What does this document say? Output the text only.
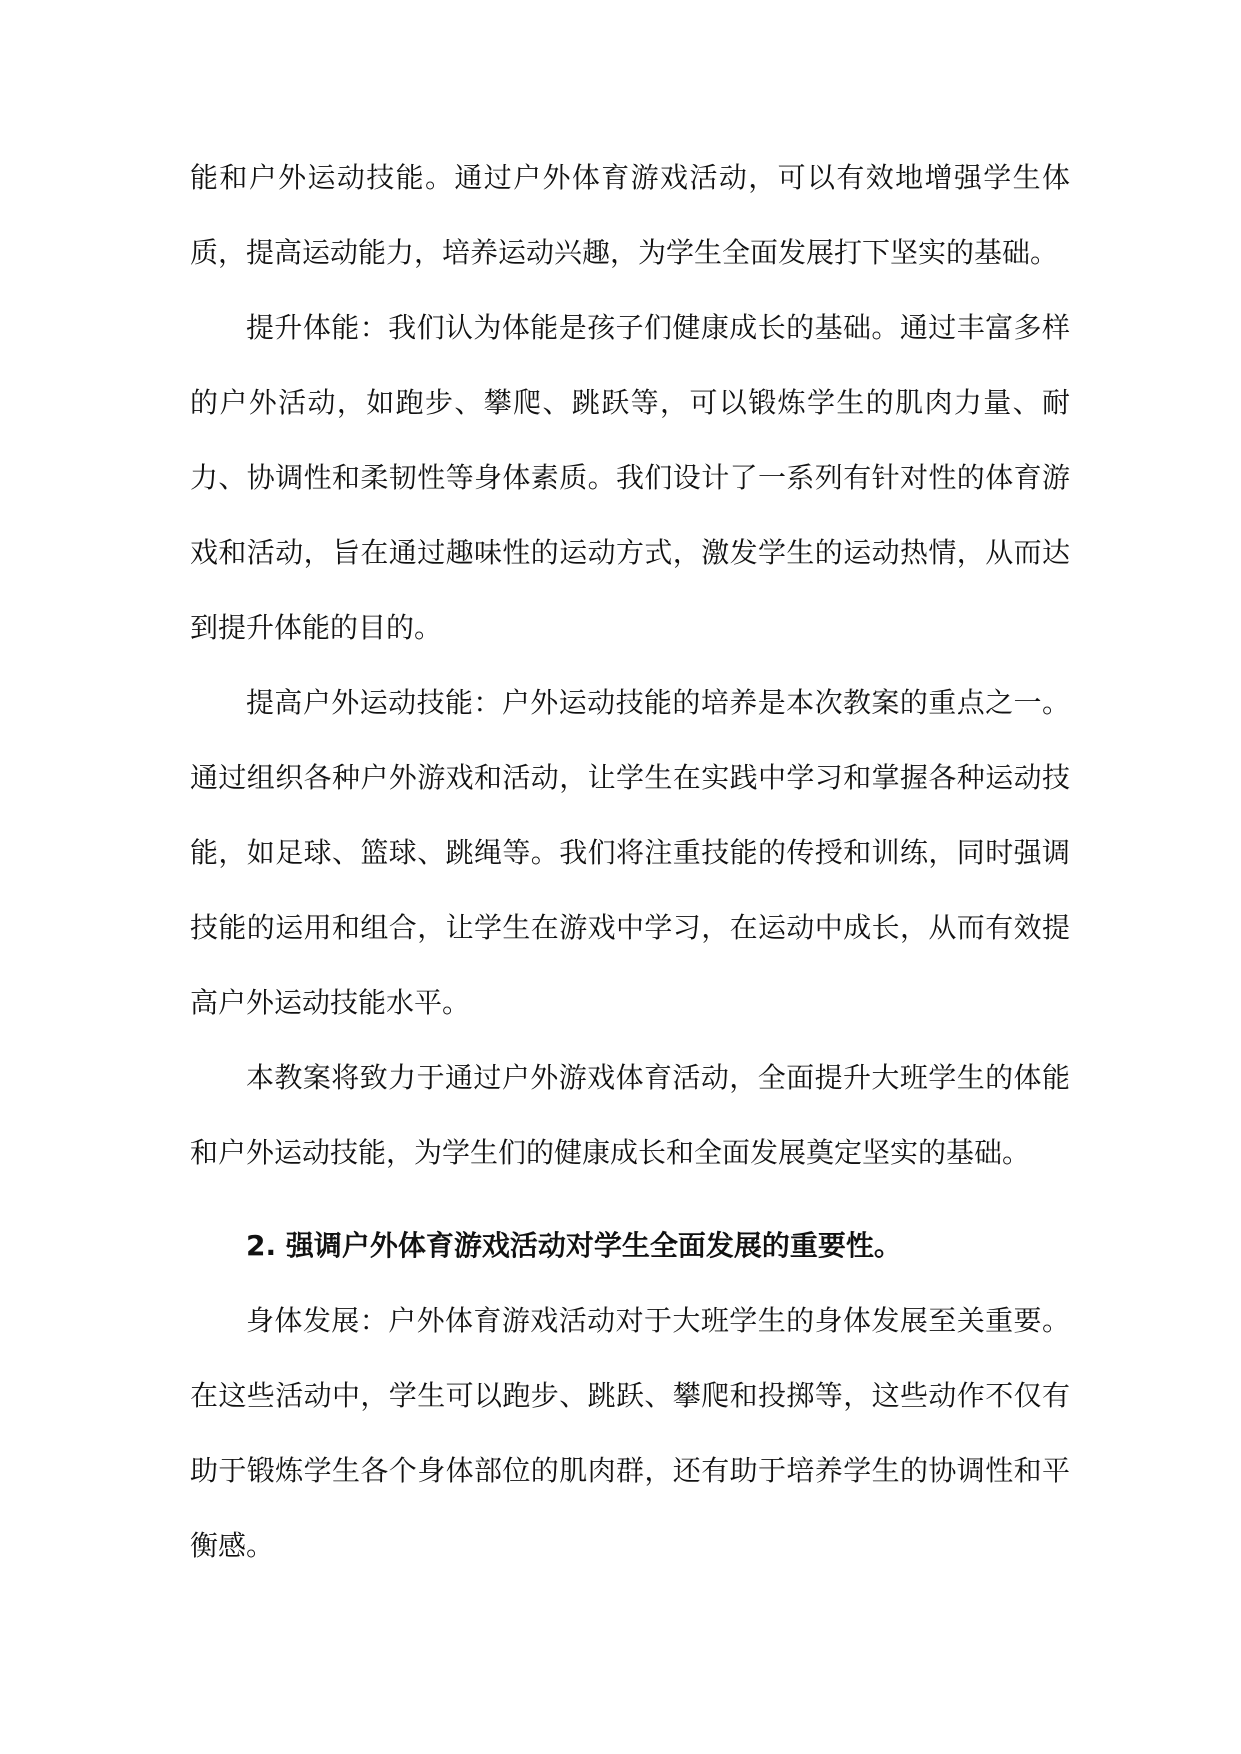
能和户外运动技能。通过户外体育游戏活动，可以有效地增强学生体质，提高运动能力，培养运动兴趣，为学生全面发展打下坚实的基础。

提升体能：我们认为体能是孩子们健康成长的基础。通过丰富多样的户外活动，如跑步、攀爬、跳跃等，可以锻炼学生的肌肉力量、耐力、协调性和柔韧性等身体素质。我们设计了一系列有针对性的体育游戏和活动，旨在通过趣味性的运动方式，激发学生的运动热情，从而达到提升体能的目的。

提高户外运动技能：户外运动技能的培养是本次教案的重点之一。通过组织各种户外游戏和活动，让学生在实践中学习和掌握各种运动技能，如足球、篮球、跳绳等。我们将注重技能的传授和训练，同时强调技能的运用和组合，让学生在游戏中学习，在运动中成长，从而有效提高户外运动技能水平。

本教案将致力于通过户外游戏体育活动，全面提升大班学生的体能和户外运动技能，为学生们的健康成长和全面发展奠定坚实的基础。

2. 强调户外体育游戏活动对学生全面发展的重要性。

身体发展：户外体育游戏活动对于大班学生的身体发展至关重要。在这些活动中，学生可以跑步、跳跃、攀爬和投掷等，这些动作不仅有助于锻炼学生各个身体部位的肌肉群，还有助于培养学生的协调性和平衡感。
